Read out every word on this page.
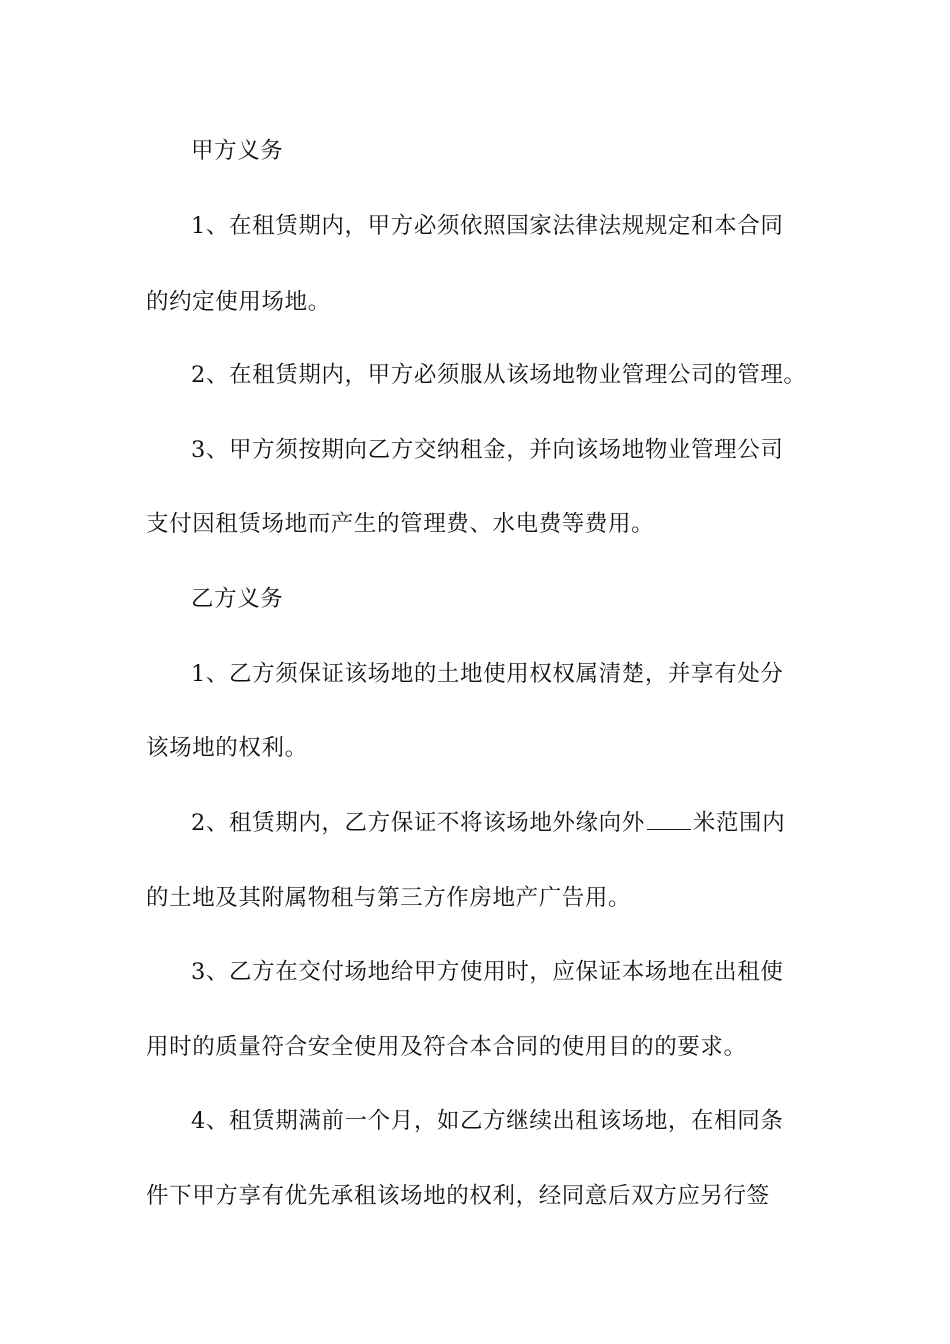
甲方义务
1、在租赁期内，甲方必须依照国家法律法规规定和本合同
的约定使用场地。
2、在租赁期内，甲方必须服从该场地物业管理公司的管理。
3、甲方须按期向乙方交纳租金，并向该场地物业管理公司
支付因租赁场地而产生的管理费、水电费等费用。
乙方义务
1、乙方须保证该场地的土地使用权权属清楚，并享有处分
该场地的权利。
2、租赁期内，乙方保证不将该场地外缘向外 米范围内
的土地及其附属物租与第三方作房地产广告用。
3、乙方在交付场地给甲方使用时，应保证本场地在出租使
用时的质量符合安全使用及符合本合同的使用目的的要求。
4、租赁期满前一个月，如乙方继续出租该场地，在相同条
件下甲方享有优先承租该场地的权利，经同意后双方应另行签
